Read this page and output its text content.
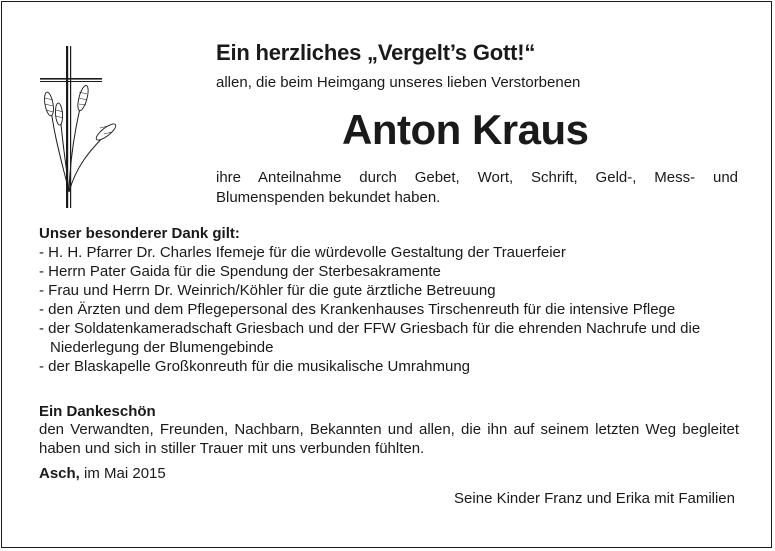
Ein herzliches „Vergelt’s Gott!“
allen, die beim Heimgang unseres lieben Verstorbenen
Anton Kraus
ihre Anteilnahme durch Gebet, Wort, Schrift, Geld-, Mess- und Blumenspenden bekundet haben.
Unser besonderer Dank gilt:
- H. H. Pfarrer Dr. Charles Ifemeje für die würdevolle Gestaltung der Trauerfeier
- Herrn Pater Gaida für die Spendung der Sterbesakramente
- Frau und Herrn Dr. Weinrich/Köhler für die gute ärztliche Betreuung
- den Ärzten und dem Pflegepersonal des Krankenhauses Tirschenreuth für die intensive Pflege
- der Soldatenkameradschaft Griesbach und der FFW Griesbach für die ehrenden Nachrufe und die Niederlegung der Blumengebinde
- der Blaskapelle Großkonreuth für die musikalische Umrahmung
Ein Dankeschön
den Verwandten, Freunden, Nachbarn, Bekannten und allen, die ihn auf seinem letzten Weg begleitet haben und sich in stiller Trauer mit uns verbunden fühlten.
Asch, im Mai 2015
Seine Kinder Franz und Erika mit Familien
